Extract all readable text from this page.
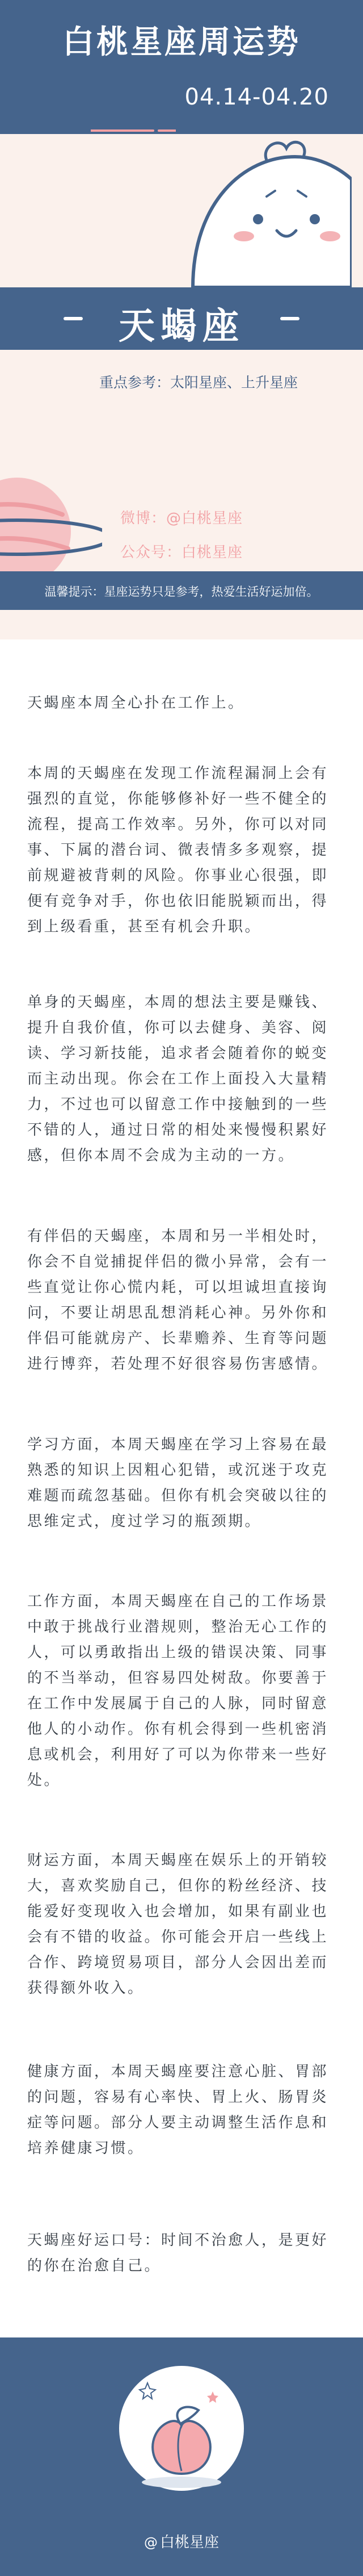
白桃星座周运势
04.14-04.20
天蝎座
重点参考：太阳星座、上升星座
微博：@白桃星座
公众号：白桃星座
温馨提示：星座运势只是参考，热爱生活好运加倍。

天蝎座本周全心扑在工作上。

本周的天蝎座在发现工作流程漏洞上会有
强烈的直觉，你能够修补好一些不健全的
流程，提高工作效率。另外，你可以对同
事、下属的潜台词、微表情多多观察，提
前规避被背刺的风险。你事业心很强，即
便有竞争对手，你也依旧能脱颖而出，得
到上级看重，甚至有机会升职。

单身的天蝎座，本周的想法主要是赚钱、
提升自我价值，你可以去健身、美容、阅
读、学习新技能，追求者会随着你的蜕变
而主动出现。你会在工作上面投入大量精
力，不过也可以留意工作中接触到的一些
不错的人，通过日常的相处来慢慢积累好
感，但你本周不会成为主动的一方。

有伴侣的天蝎座，本周和另一半相处时，
你会不自觉捕捉伴侣的微小异常，会有一
些直觉让你心慌内耗，可以坦诚坦直接询
问，不要让胡思乱想消耗心神。另外你和
伴侣可能就房产、长辈赡养、生育等问题
进行博弈，若处理不好很容易伤害感情。

学习方面，本周天蝎座在学习上容易在最
熟悉的知识上因粗心犯错，或沉迷于攻克
难题而疏忽基础。但你有机会突破以往的
思维定式，度过学习的瓶颈期。

工作方面，本周天蝎座在自己的工作场景
中敢于挑战行业潜规则，整治无心工作的
人，可以勇敢指出上级的错误决策、同事
的不当举动，但容易四处树敌。你要善于
在工作中发展属于自己的人脉，同时留意
他人的小动作。你有机会得到一些机密消
息或机会，利用好了可以为你带来一些好
处。

财运方面，本周天蝎座在娱乐上的开销较
大，喜欢奖励自己，但你的粉丝经济、技
能爱好变现收入也会增加，如果有副业也
会有不错的收益。你可能会开启一些线上
合作、跨境贸易项目，部分人会因出差而
获得额外收入。

健康方面，本周天蝎座要注意心脏、胃部
的问题，容易有心率快、胃上火、肠胃炎
症等问题。部分人要主动调整生活作息和
培养健康习惯。

天蝎座好运口号：时间不治愈人，是更好
的你在治愈自己。

@ 白桃星座
